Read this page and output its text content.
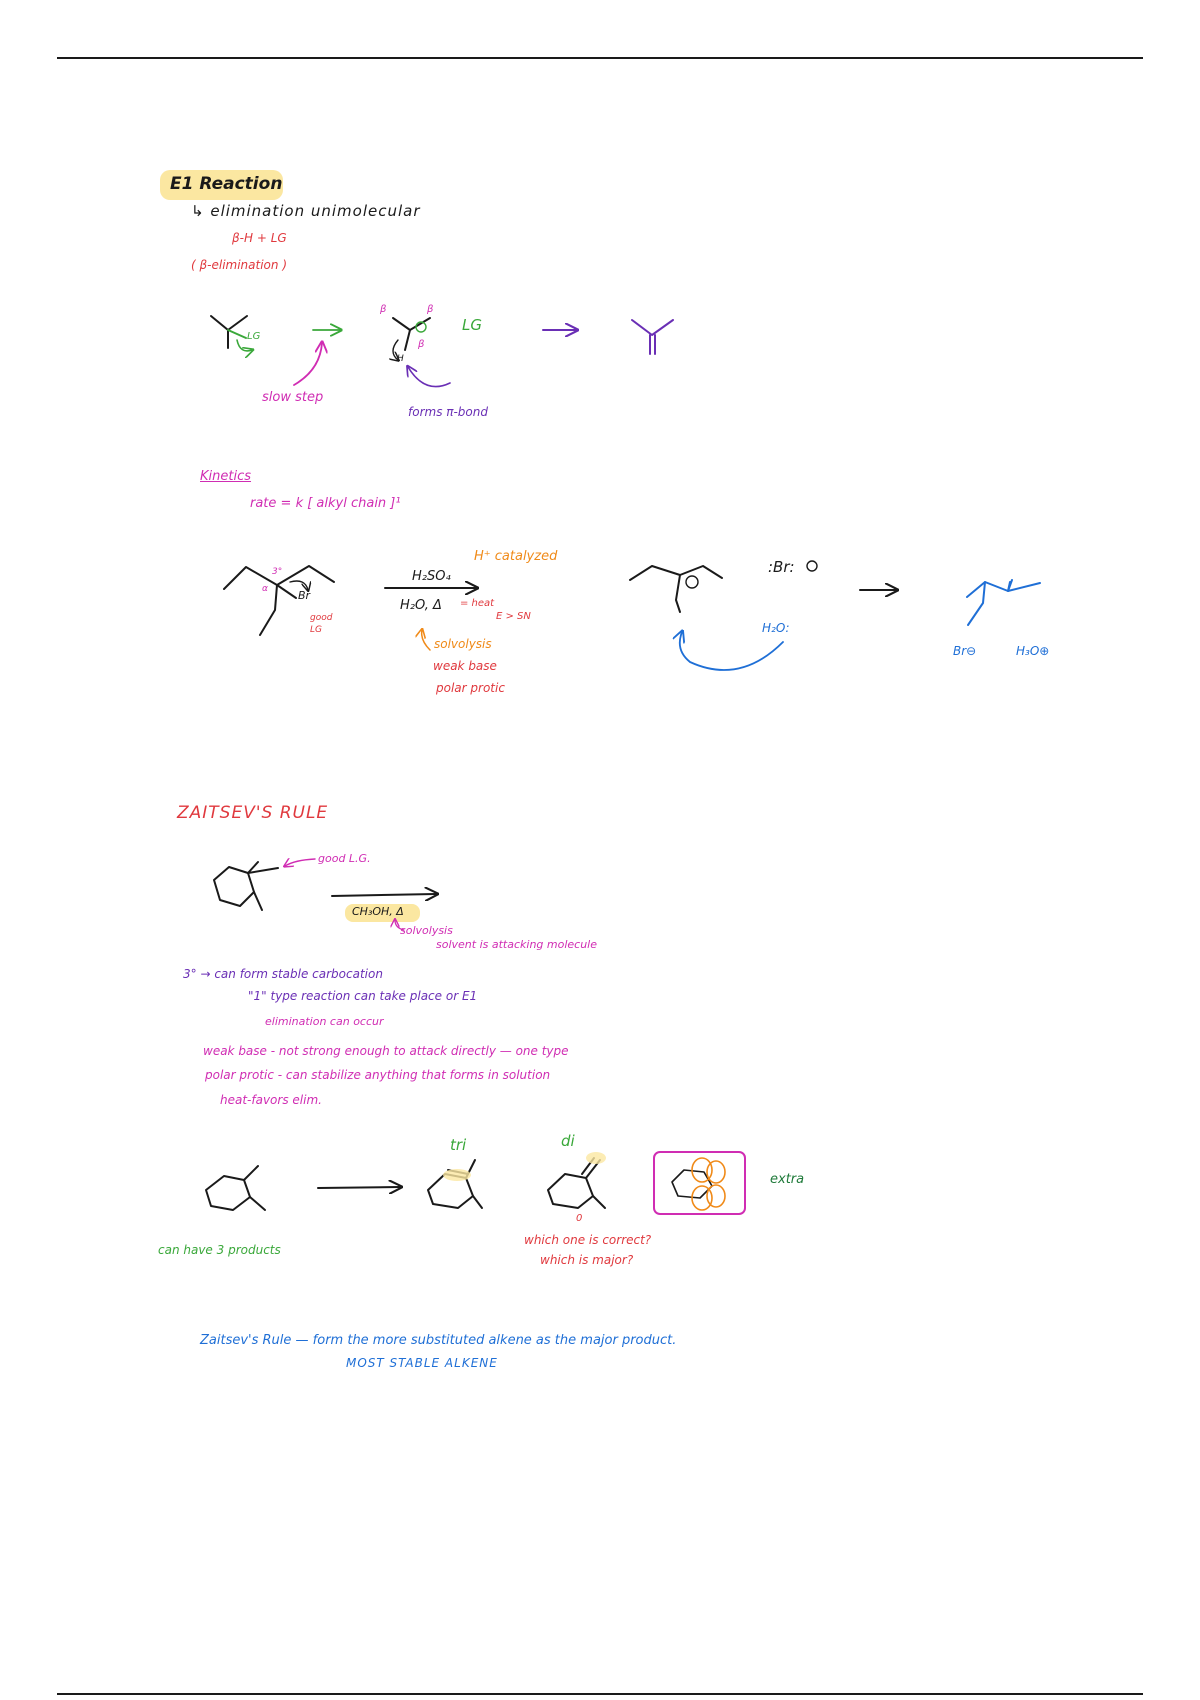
E1 Reaction
↳ elimination unimolecular
β-H + LG
( β-elimination )
LG
LG
slow step
forms π-bond
β	β
β
H
Kinetics
rate = k [ alkyl chain ]¹
H₂SO₄
H₂O, Δ = heat
E > SN
H⁺ catalyzed
solvolysis
weak base
polar protic
good
LG
Br
3°
α
:Br:
H₂O:
Br⊖	H₃O⊕
ZAITSEV'S RULE
good L.G.
CH₃OH, Δ
solvolysis
solvent is attacking molecule
3° → can form stable carbocation
"1" type reaction can take place or E1
elimination can occur
weak base - not strong enough to attack directly — one type
polar protic - can stabilize anything that forms in solution
heat-favors elim.
tri	di
extra
can have 3 products
0
which one is correct?
which is major?
Zaitsev's Rule — form the more substituted alkene as the major product.
MOST STABLE ALKENE
